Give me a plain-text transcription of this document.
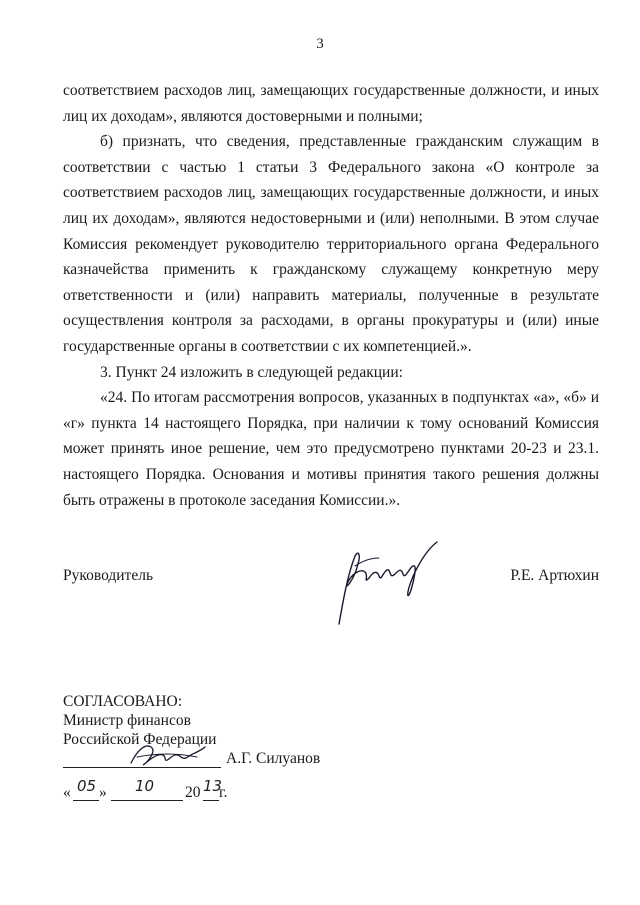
3

соответствием расходов лиц, замещающих государственные должности, и иных лиц их доходам», являются достоверными и полными;

б) признать, что сведения, представленные гражданским служащим в соответствии с частью 1 статьи 3 Федерального закона «О контроле за соответствием расходов лиц, замещающих государственные должности, и иных лиц их доходам», являются недостоверными и (или) неполными. В этом случае Комиссия рекомендует руководителю территориального органа Федерального казначейства применить к гражданскому служащему конкретную меру ответственности и (или) направить материалы, полученные в результате осуществления контроля за расходами, в органы прокуратуры и (или) иные государственные органы в соответствии с их компетенцией.».

3. Пункт 24 изложить в следующей редакции:

«24. По итогам рассмотрения вопросов, указанных в подпунктах «а», «б» и «г» пункта 14 настоящего Порядка, при наличии к тому оснований Комиссия может принять иное решение, чем это предусмотрено пунктами 20-23 и 23.1. настоящего Порядка. Основания и мотивы принятия такого решения должны быть отражены в протоколе заседания Комиссии.».

Руководитель	Р.Е. Артюхин
СОГЛАСОВАНО:
Министр финансов
Российской Федерации
А.Г. Силуанов
« 05 » 10 20 13
г.
